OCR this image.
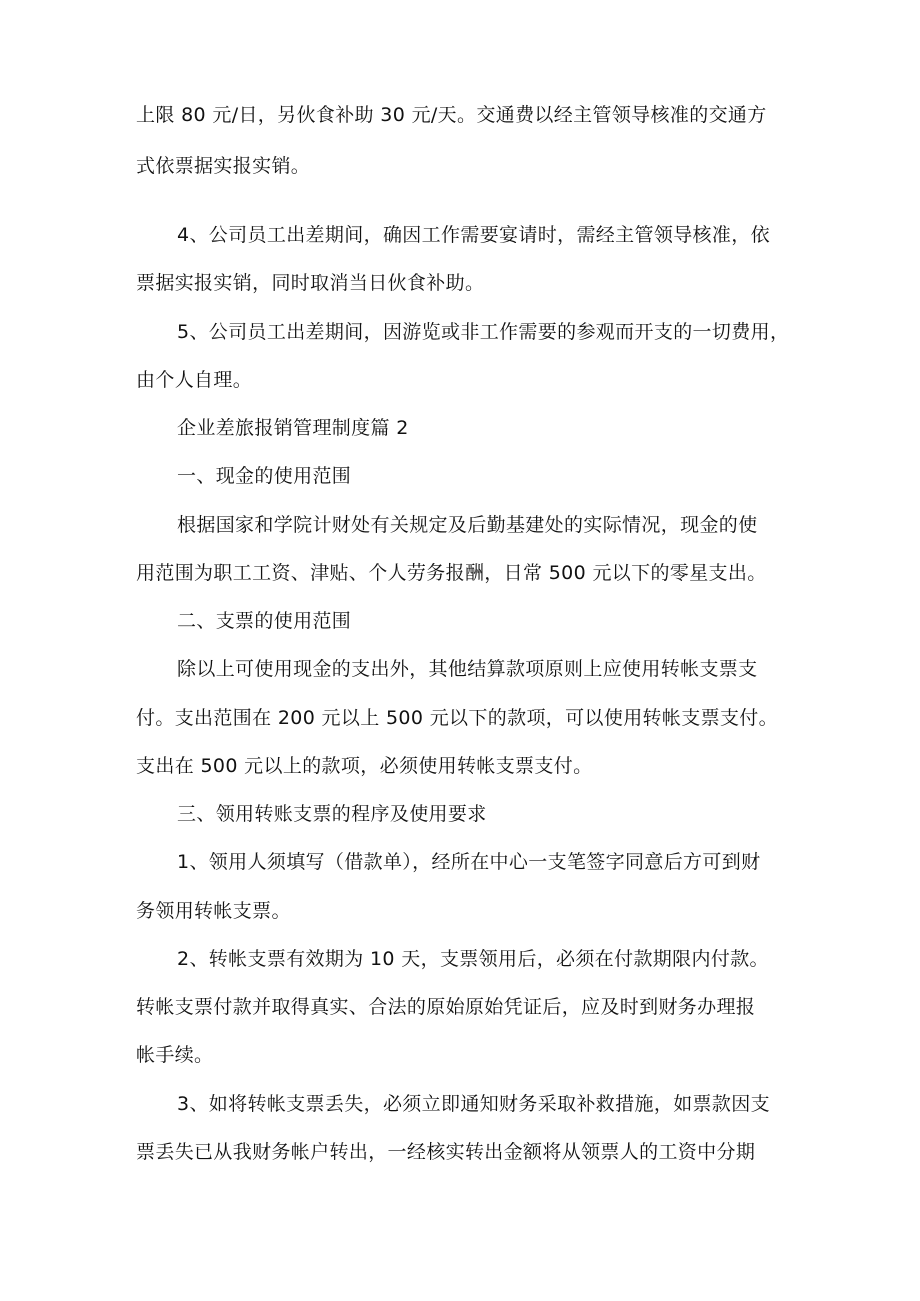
上限 80 元/日，另伙食补助 30 元/天。交通费以经主管领导核准的交通方
式依票据实报实销。
4、公司员工出差期间，确因工作需要宴请时，需经主管领导核准，依
票据实报实销，同时取消当日伙食补助。
5、公司员工出差期间，因游览或非工作需要的参观而开支的一切费用，
由个人自理。
企业差旅报销管理制度篇 2
一、现金的使用范围
根据国家和学院计财处有关规定及后勤基建处的实际情况，现金的使
用范围为职工工资、津贴、个人劳务报酬，日常 500 元以下的零星支出。
二、支票的使用范围
除以上可使用现金的支出外，其他结算款项原则上应使用转帐支票支
付。支出范围在 200 元以上 500 元以下的款项，可以使用转帐支票支付。
支出在 500 元以上的款项，必须使用转帐支票支付。
三、领用转账支票的程序及使用要求
1、领用人须填写（借款单），经所在中心一支笔签字同意后方可到财
务领用转帐支票。
2、转帐支票有效期为 10 天，支票领用后，必须在付款期限内付款。
转帐支票付款并取得真实、合法的原始原始凭证后，应及时到财务办理报
帐手续。
3、如将转帐支票丢失，必须立即通知财务采取补救措施，如票款因支
票丢失已从我财务帐户转出，一经核实转出金额将从领票人的工资中分期
